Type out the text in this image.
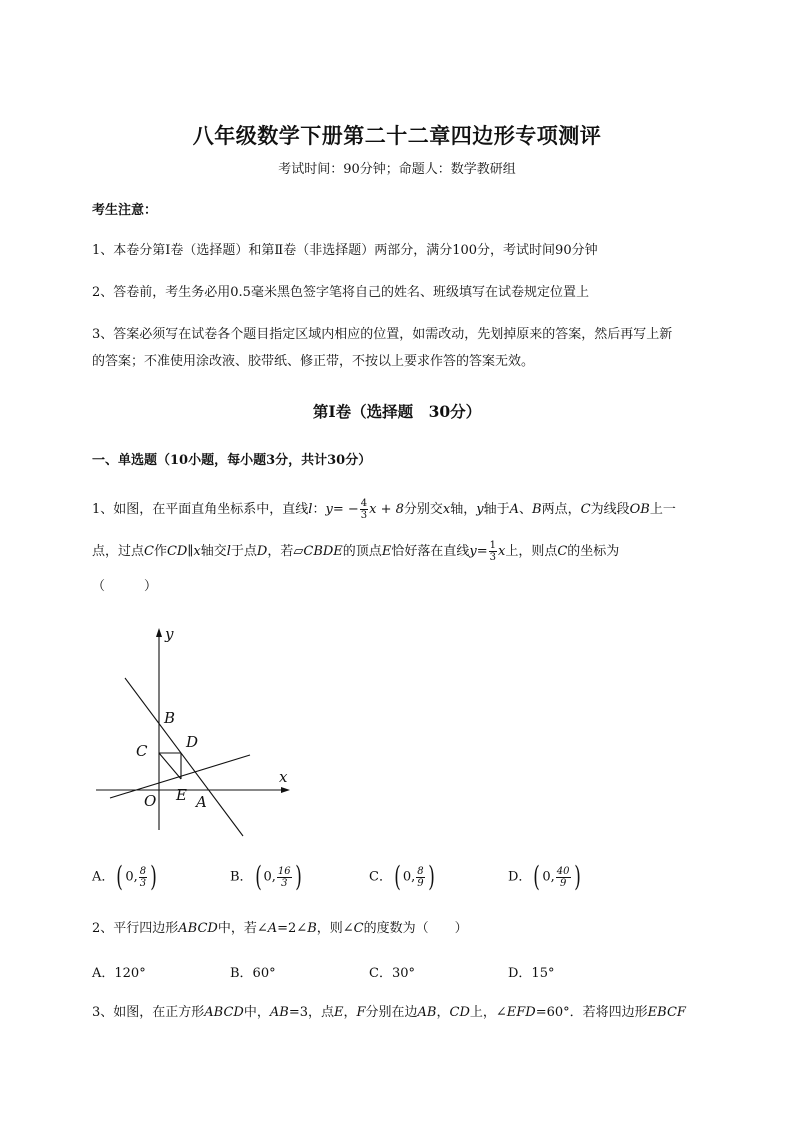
八年级数学下册第二十二章四边形专项测评
考试时间：90分钟；命题人：数学教研组
考生注意：
1、本卷分第Ⅰ卷（选择题）和第Ⅱ卷（非选择题）两部分，满分100分，考试时间90分钟
2、答卷前，考生务必用0.5毫米黑色签字笔将自己的姓名、班级填写在试卷规定位置上
3、答案必须写在试卷各个题目指定区域内相应的位置，如需改动，先划掉原来的答案，然后再写上新
的答案；不准使用涂改液、胶带纸、修正带，不按以上要求作答的答案无效。
第Ⅰ卷（选择题　30分）
一、单选题（10小题，每小题3分，共计30分）
1、如图，在平面直角坐标系中，直线l：$y= - \frac{4}{3}$ x + 8分别交x轴，y轴于A、B两点，C为线段OB上一
点，过点C作CD∥x轴交l于点D，若▱CBDE的顶点E恰好落在直线$y= \frac{1}{3}$ x上，则点C的坐标为
（　　　）
y
x
B
C	D
O E A
A．( 0, $\frac{8}{3}$ )	B．( 0, $\frac{16}{3}$ )	C．( 0, $\frac{8}{9}$ )	D．( 0, $\frac{40}{9}$ )
2、平行四边形ABCD中，若∠A=2∠B，则∠C的度数为（　　）
A．120°	B．60°	C．30°	D．15°
3、如图，在正方形ABCD中，AB=3，点E，F分别在边AB，CD上，∠EFD=60°．若将四边形EBCF
